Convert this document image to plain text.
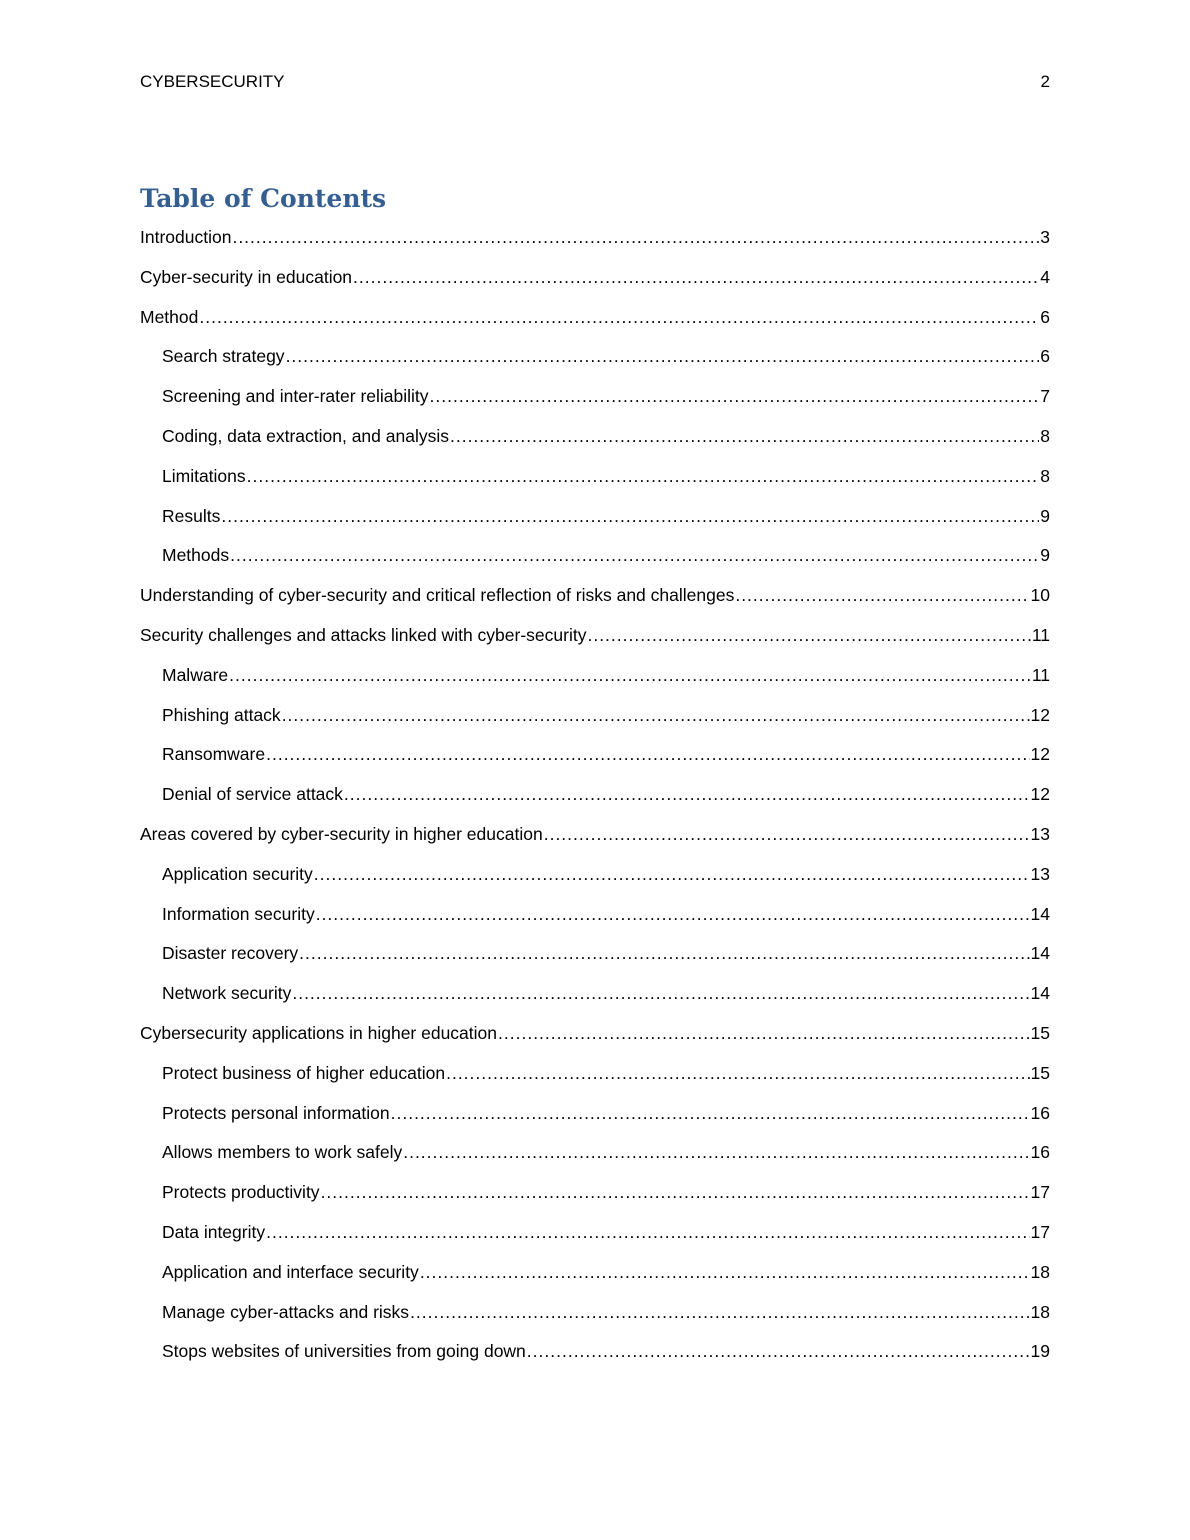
CYBERSECURITY	2
Table of Contents
Introduction .....	3
Cyber-security in education .....	4
Method .....	6
Search strategy .....	6
Screening and inter-rater reliability .....	7
Coding, data extraction, and analysis .....	8
Limitations .....	8
Results .....	9
Methods .....	9
Understanding of cyber-security and critical reflection of risks and challenges .....	10
Security challenges and attacks linked with cyber-security .....	11
Malware .....	11
Phishing attack .....	12
Ransomware .....	12
Denial of service attack .....	12
Areas covered by cyber-security in higher education .....	13
Application security .....	13
Information security .....	14
Disaster recovery .....	14
Network security .....	14
Cybersecurity applications in higher education .....	15
Protect business of higher education .....	15
Protects personal information .....	16
Allows members to work safely .....	16
Protects productivity .....	17
Data integrity .....	17
Application and interface security .....	18
Manage cyber-attacks and risks .....	18
Stops websites of universities from going down .....	19
